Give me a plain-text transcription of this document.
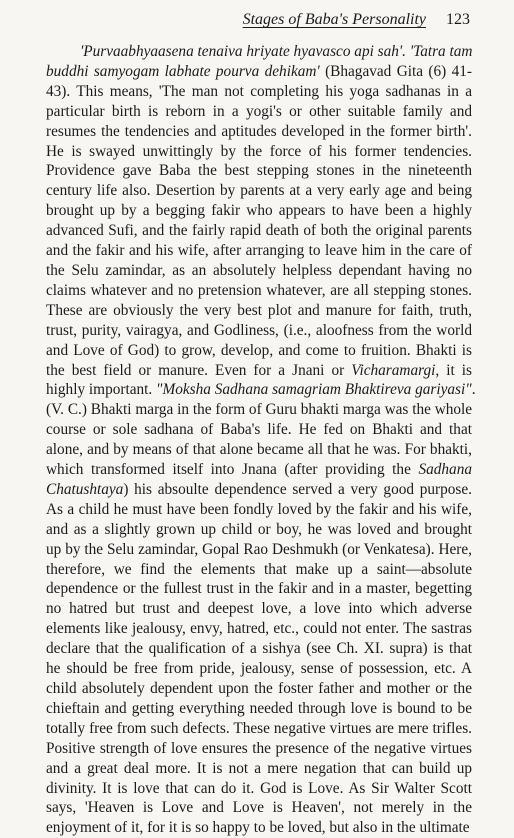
Stages of Baba's Personality 123
'Purvaabhyaasena tenaiva hriyate hyavasco api sah'. 'Tatra tam
buddhi samyogam labhate pourva dehikam' (Bhagavad Gita (6) 41-
43). This means, 'The man not completing his yoga sadhanas in a
particular birth is reborn in a yogi's or other suitable family and
resumes the tendencies and aptitudes developed in the former birth'.
He is swayed unwittingly by the force of his former tendencies.
Providence gave Baba the best stepping stones in the nineteenth
century life also. Desertion by parents at a very early age and being
brought up by a begging fakir who appears to have been a highly
advanced Sufi, and the fairly rapid death of both the original parents
and the fakir and his wife, after arranging to leave him in the care of
the Selu zamindar, as an absolutely helpless dependant having no
claims whatever and no pretension whatever, are all stepping stones.
These are obviously the very best plot and manure for faith, truth,
trust, purity, vairagya, and Godliness, (i.e., aloofness from the world
and Love of God) to grow, develop, and come to fruition. Bhakti is
the best field or manure. Even for a Jnani or Vicharamargi, it is
highly important. "Moksha Sadhana samagriam Bhaktireva gariyasi".
(V. C.) Bhakti marga in the form of Guru bhakti marga was the whole
course or sole sadhana of Baba's life. He fed on Bhakti and that
alone, and by means of that alone became all that he was. For bhakti,
which transformed itself into Jnana (after providing the Sadhana
Chatushtaya) his absoulte dependence served a very good purpose.
As a child he must have been fondly loved by the fakir and his wife,
and as a slightly grown up child or boy, he was loved and brought
up by the Selu zamindar, Gopal Rao Deshmukh (or Venkatesa). Here,
therefore, we find the elements that make up a saint—absolute
dependence or the fullest trust in the fakir and in a master, begetting
no hatred but trust and deepest love, a love into which adverse
elements like jealousy, envy, hatred, etc., could not enter. The sastras
declare that the qualification of a sishya (see Ch. XI. supra) is that
he should be free from pride, jealousy, sense of possession, etc. A
child absolutely dependent upon the foster father and mother or the
chieftain and getting everything needed through love is bound to be
totally free from such defects. These negative virtues are mere trifles.
Positive strength of love ensures the presence of the negative virtues
and a great deal more. It is not a mere negation that can build up
divinity. It is love that can do it. God is Love. As Sir Walter Scott
says, 'Heaven is Love and Love is Heaven', not merely in the
enjoyment of it, for it is so happy to be loved, but also in the ultimate
